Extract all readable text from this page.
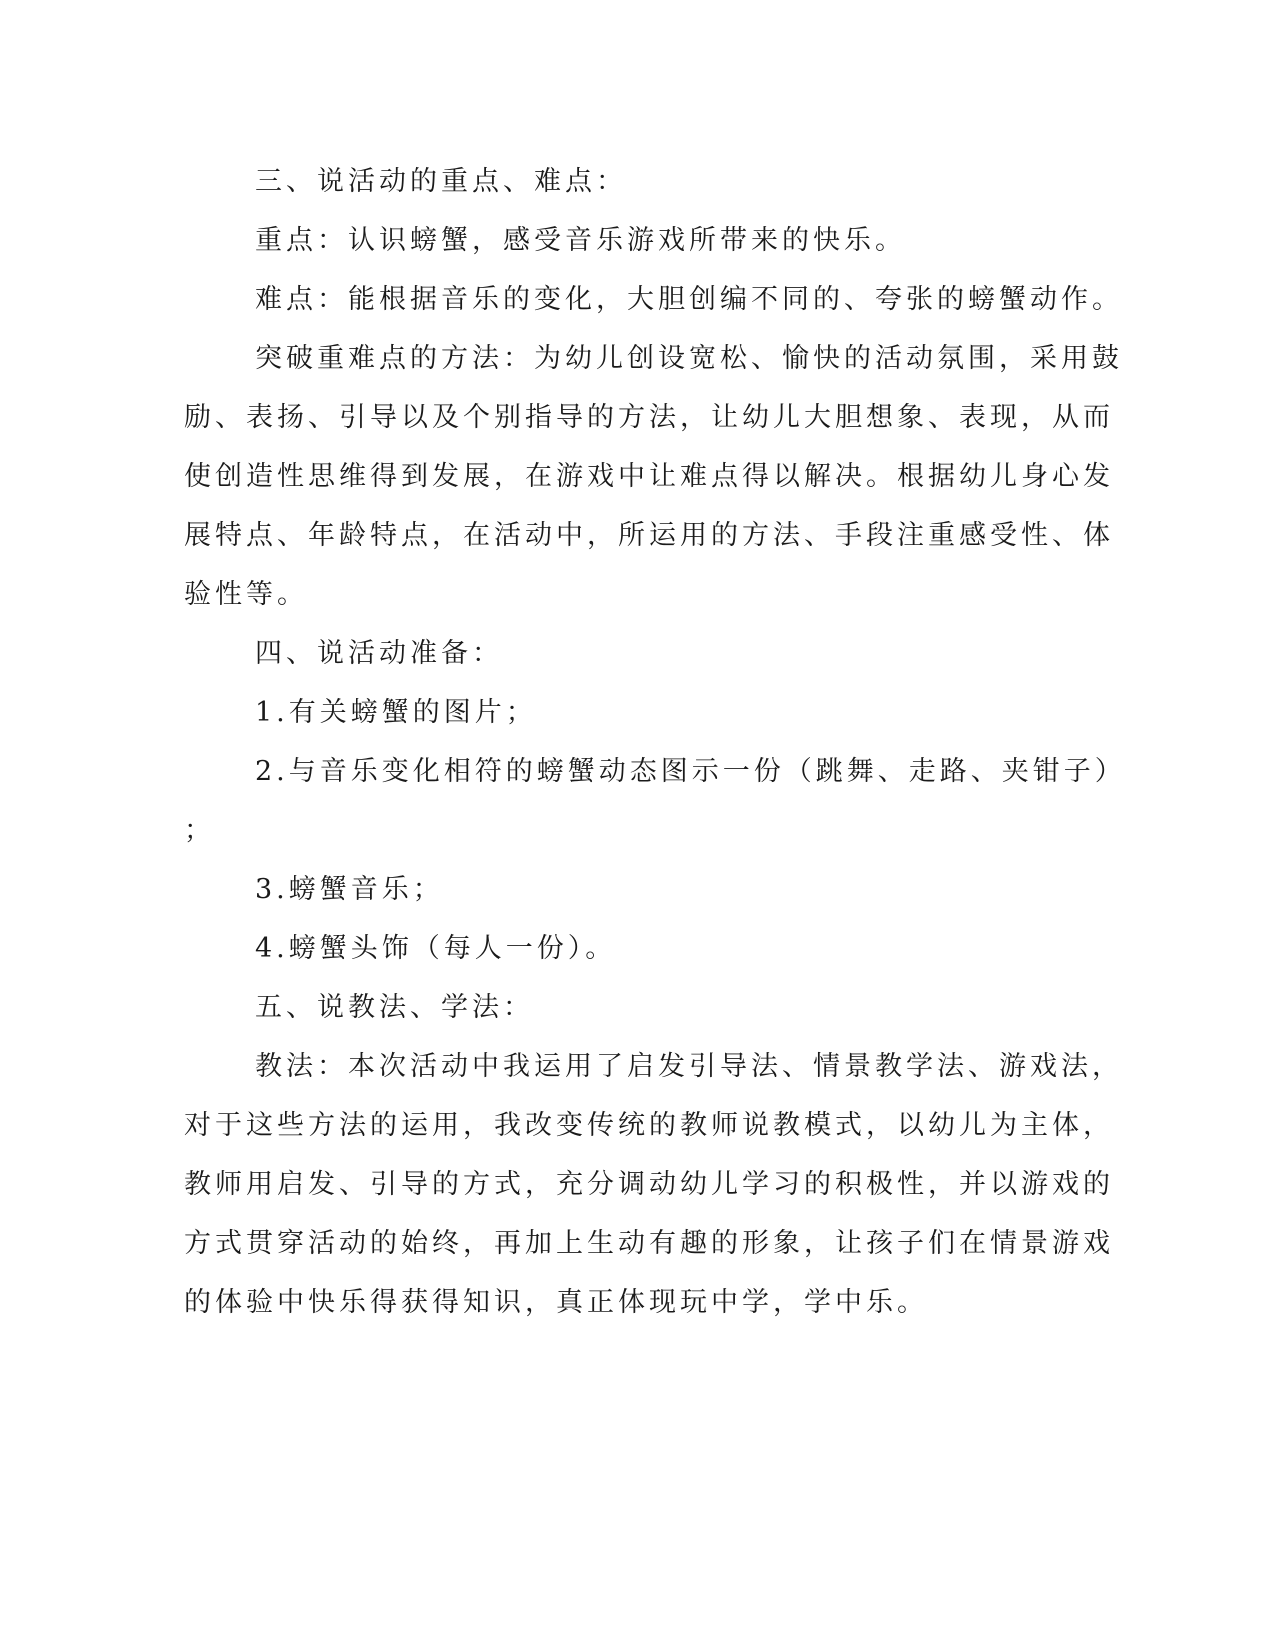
三、说活动的重点、难点：
重点：认识螃蟹，感受音乐游戏所带来的快乐。
难点：能根据音乐的变化，大胆创编不同的、夸张的螃蟹动作。
突破重难点的方法：为幼儿创设宽松、愉快的活动氛围，采用鼓
励、表扬、引导以及个别指导的方法，让幼儿大胆想象、表现，从而
使创造性思维得到发展，在游戏中让难点得以解决。根据幼儿身心发
展特点、年龄特点，在活动中，所运用的方法、手段注重感受性、体
验性等。
四、说活动准备：
1.有关螃蟹的图片；
2.与音乐变化相符的螃蟹动态图示一份（跳舞、走路、夹钳子）
；
3.螃蟹音乐；
4.螃蟹头饰（每人一份）。
五、说教法、学法：
教法：本次活动中我运用了启发引导法、情景教学法、游戏法，
对于这些方法的运用，我改变传统的教师说教模式，以幼儿为主体，
教师用启发、引导的方式，充分调动幼儿学习的积极性，并以游戏的
方式贯穿活动的始终，再加上生动有趣的形象，让孩子们在情景游戏
的体验中快乐得获得知识，真正体现玩中学，学中乐。
